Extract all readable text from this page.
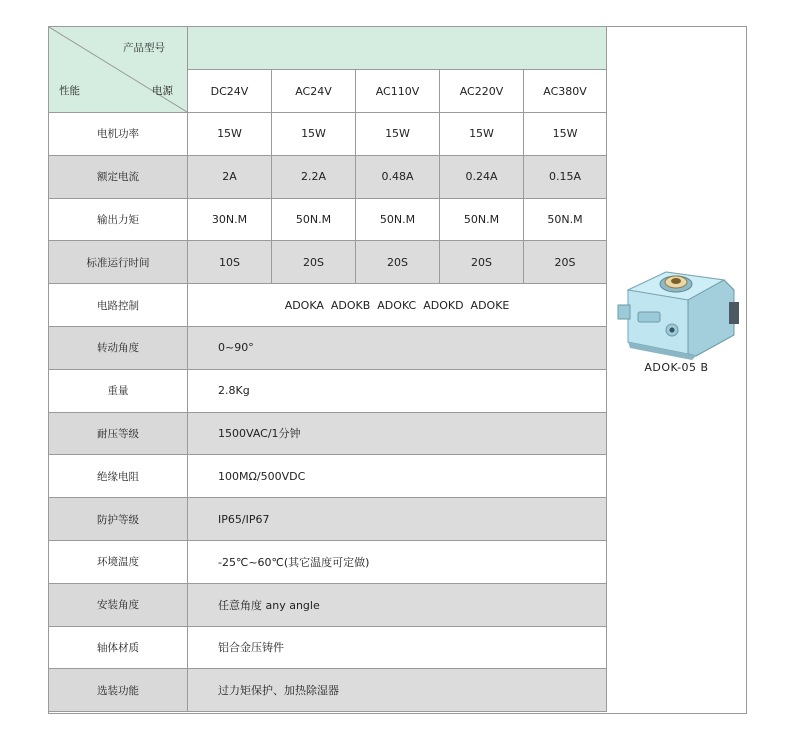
产品型号
性能 电源					

	DC24V	AC24V	AC110V	AC220V	AC380V
电机功率	15W	15W	15W	15W	15W
额定电流	2A	2.2A	0.48A	0.24A	0.15A
输出力矩	30N.M	50N.M	50N.M	50N.M	50N.M
标准运行时间	10S	20S	20S	20S	20S
电路控制	ADOKA  ADOKB  ADOKC  ADOKD  ADOKE				
转动角度	0~90°				
重量	2.8Kg				
耐压等级	1500VAC/1分钟				
绝缘电阻	100MΩ/500VDC				
防护等级	IP65/IP67				
环境温度	-25℃~60℃(其它温度可定做)				
安装角度	任意角度 any angle				
轴体材质	铝合金压铸件				
选装功能	过力矩保护、加热除湿器				
ADOK-05 B
